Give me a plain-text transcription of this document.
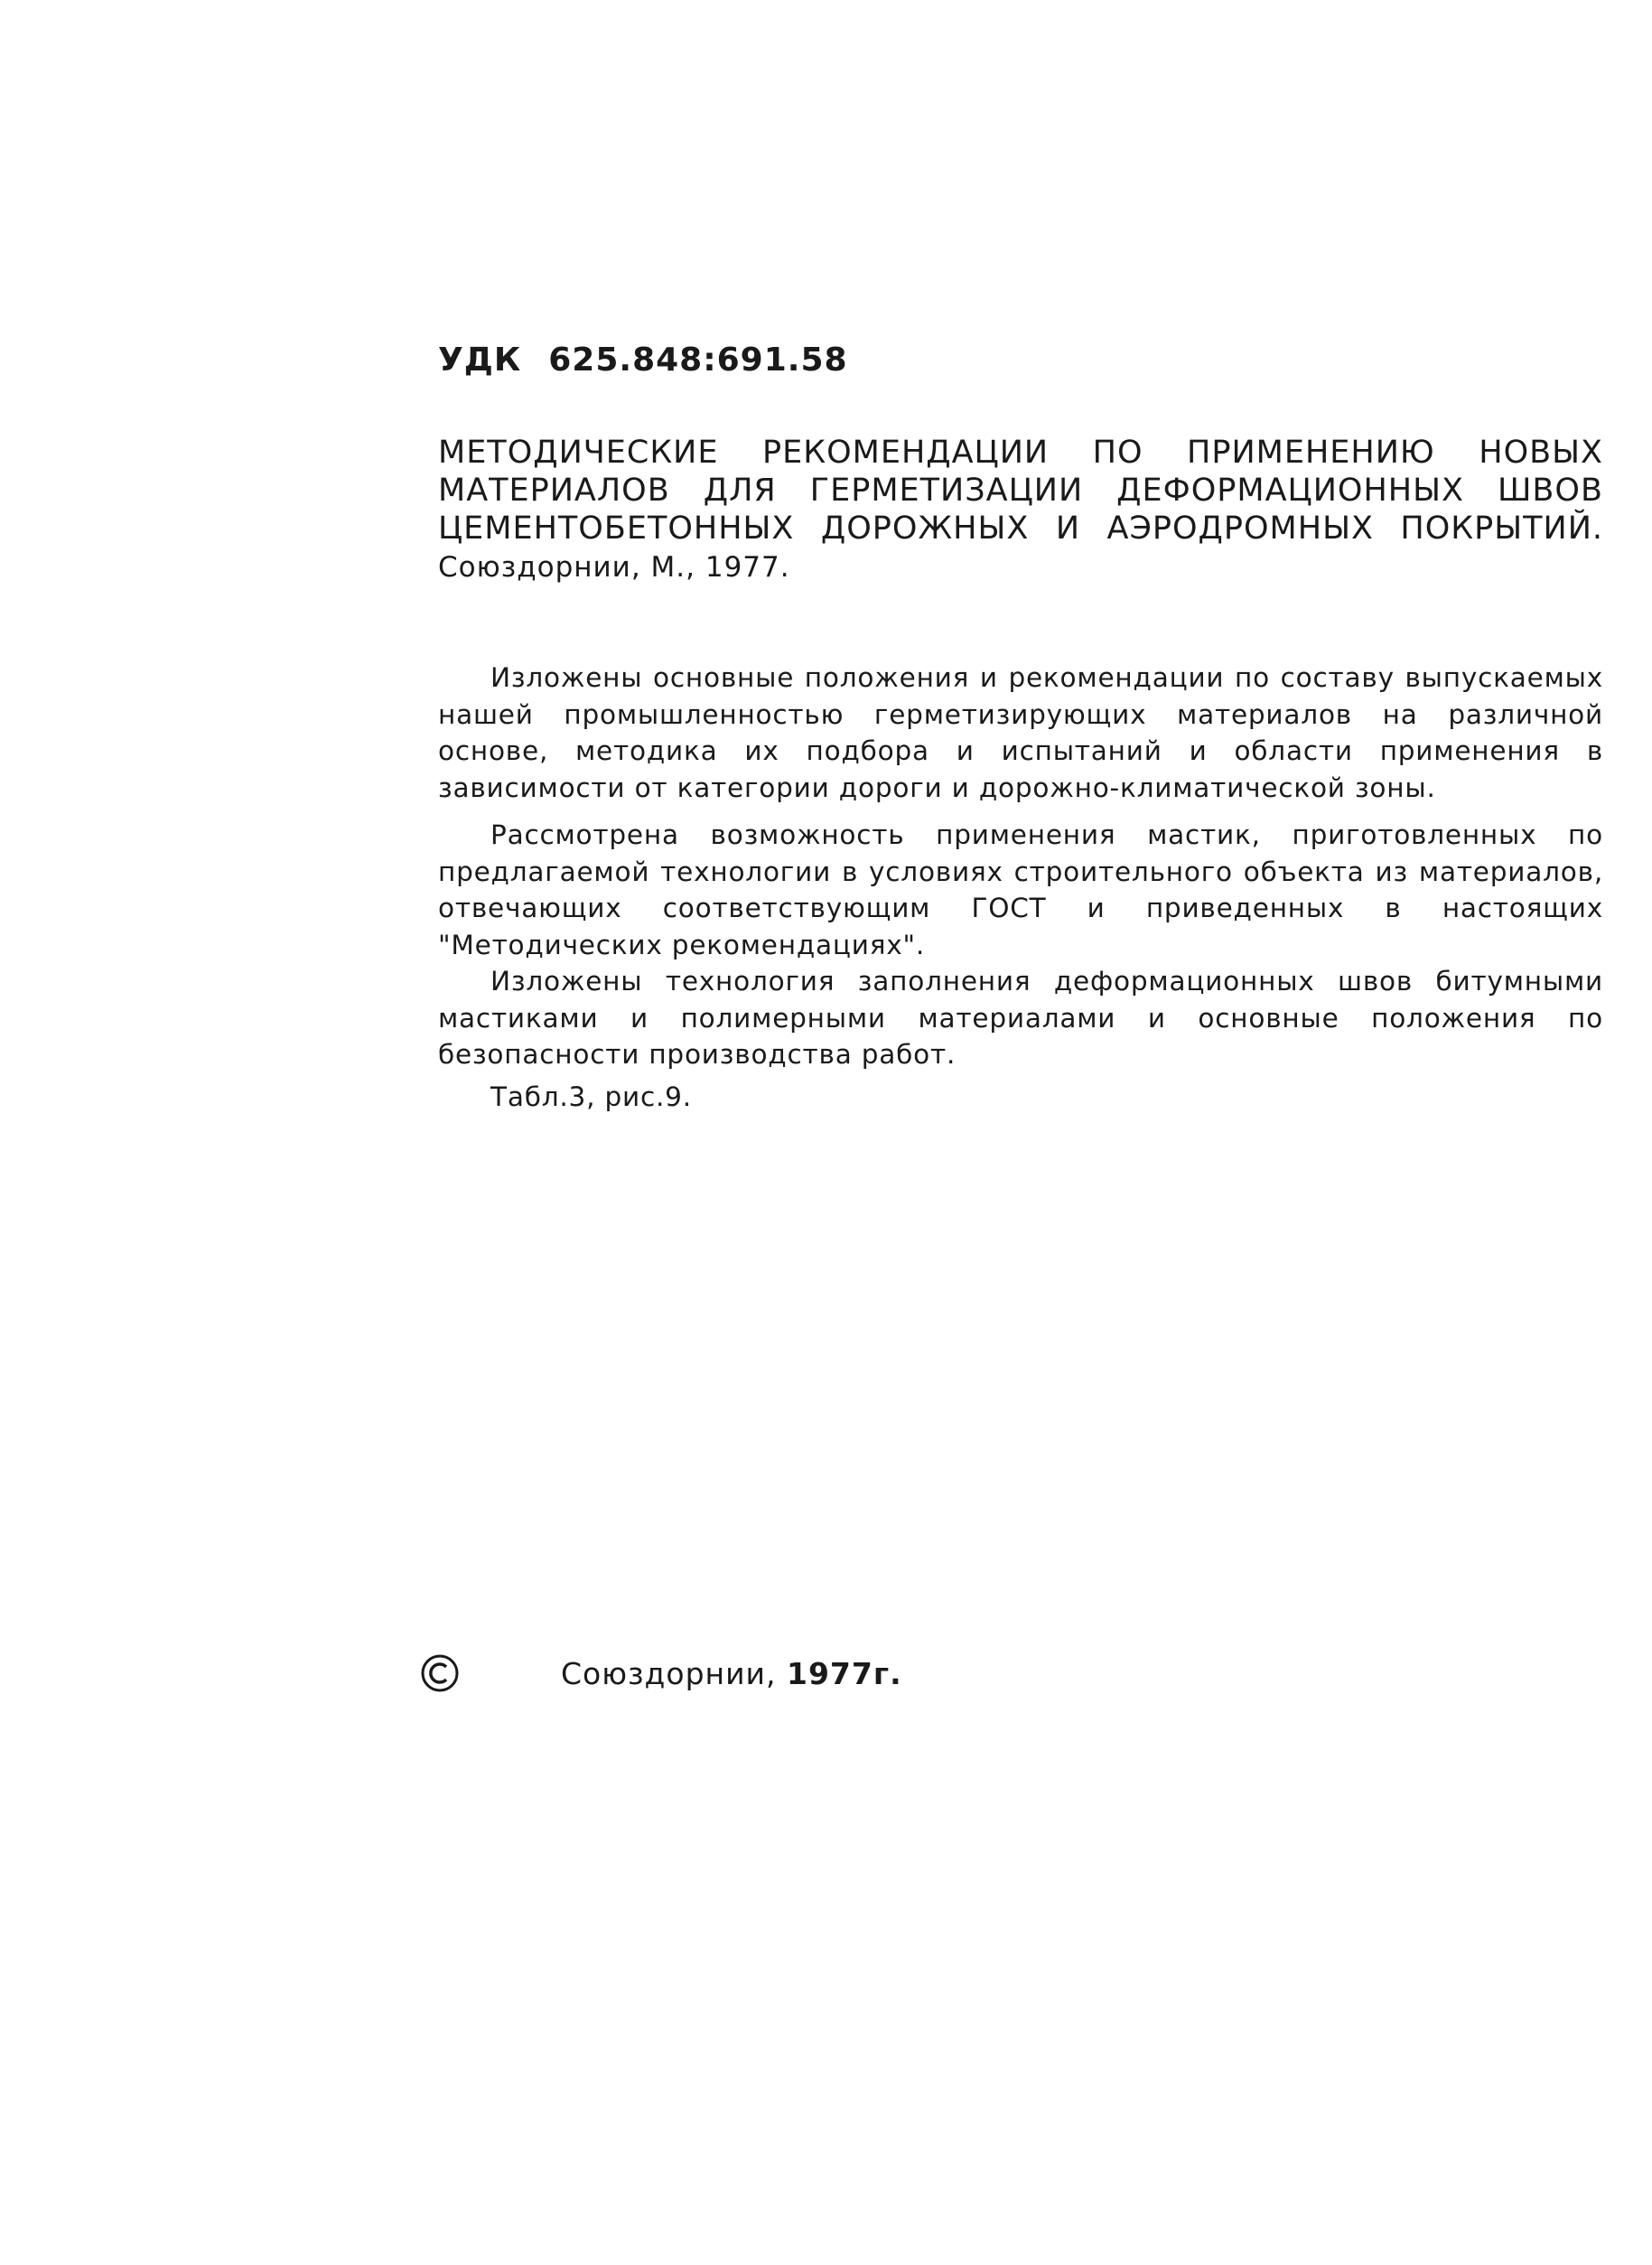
УДК 625.848:691.58
МЕТОДИЧЕСКИЕ РЕКОМЕНДАЦИИ ПО ПРИМЕНЕНИЮ НОВЫХ
МАТЕРИАЛОВ ДЛЯ ГЕРМЕТИЗАЦИИ ДЕФОРМАЦИОННЫХ ШВОВ
ЦЕМЕНТОБЕТОННЫХ ДОРОЖНЫХ И АЭРОДРОМНЫХ ПОКРЫТИЙ.
Союздорнии, М., 1977.

Изложены основные положения и рекомендации по составу выпускаемых нашей промышленностью герметизирующих материалов на различной основе, методика их подбора и испытаний и области применения в зависимости от категории дороги и дорожно-климатической зоны.

Рассмотрена возможность применения мастик, приготовленных по предлагаемой технологии в условиях строительного объекта из материалов, отвечающих соответствующим ГОСТ и приведенных в настоящих "Методических рекомендациях".

Изложены технология заполнения деформационных швов битумными мастиками и полимерными материалами и основные положения по безопасности производства работ.

Табл.3, рис.9.

Союздорнии, 1977г.
